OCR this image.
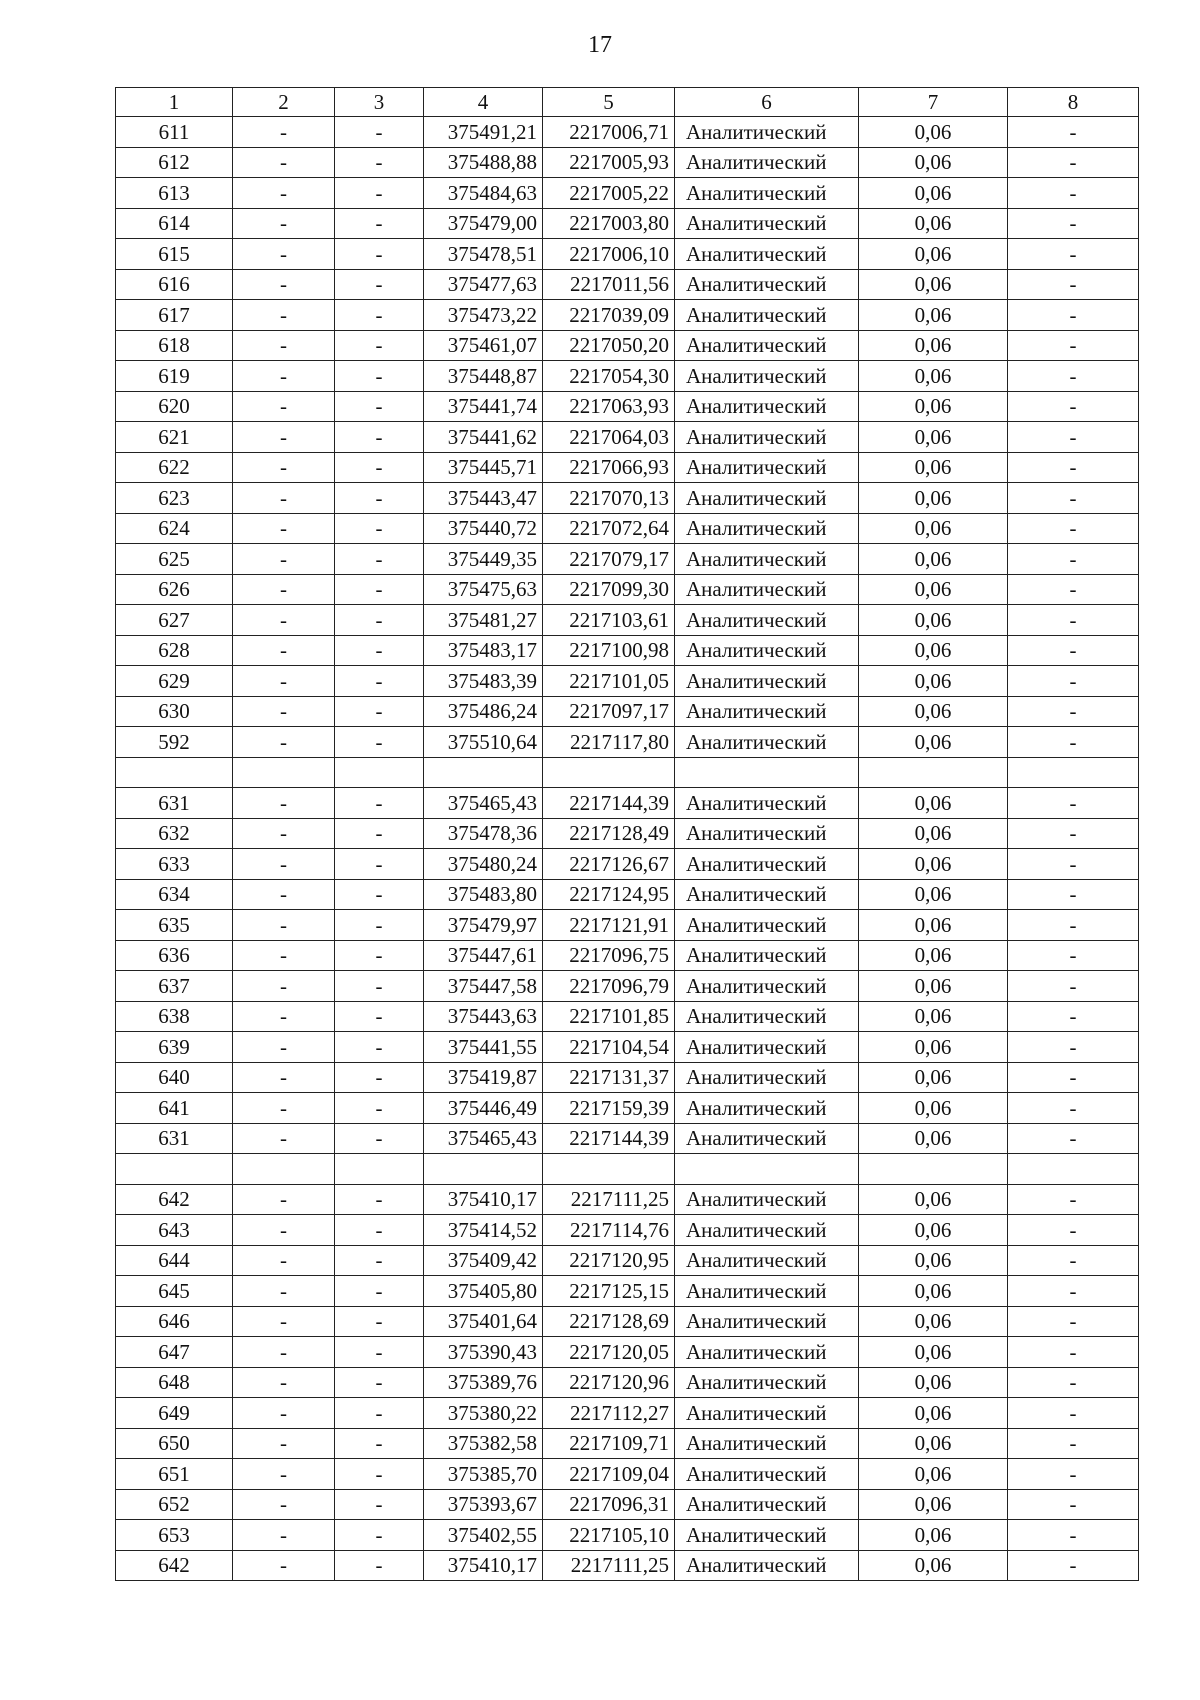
17
1	2	3	4	5	6	7	8
611	-	-	375491,21	2217006,71	Аналитический	0,06	-
612	-	-	375488,88	2217005,93	Аналитический	0,06	-
613	-	-	375484,63	2217005,22	Аналитический	0,06	-
614	-	-	375479,00	2217003,80	Аналитический	0,06	-
615	-	-	375478,51	2217006,10	Аналитический	0,06	-
616	-	-	375477,63	2217011,56	Аналитический	0,06	-
617	-	-	375473,22	2217039,09	Аналитический	0,06	-
618	-	-	375461,07	2217050,20	Аналитический	0,06	-
619	-	-	375448,87	2217054,30	Аналитический	0,06	-
620	-	-	375441,74	2217063,93	Аналитический	0,06	-
621	-	-	375441,62	2217064,03	Аналитический	0,06	-
622	-	-	375445,71	2217066,93	Аналитический	0,06	-
623	-	-	375443,47	2217070,13	Аналитический	0,06	-
624	-	-	375440,72	2217072,64	Аналитический	0,06	-
625	-	-	375449,35	2217079,17	Аналитический	0,06	-
626	-	-	375475,63	2217099,30	Аналитический	0,06	-
627	-	-	375481,27	2217103,61	Аналитический	0,06	-
628	-	-	375483,17	2217100,98	Аналитический	0,06	-
629	-	-	375483,39	2217101,05	Аналитический	0,06	-
630	-	-	375486,24	2217097,17	Аналитический	0,06	-
592	-	-	375510,64	2217117,80	Аналитический	0,06	-

631	-	-	375465,43	2217144,39	Аналитический	0,06	-
632	-	-	375478,36	2217128,49	Аналитический	0,06	-
633	-	-	375480,24	2217126,67	Аналитический	0,06	-
634	-	-	375483,80	2217124,95	Аналитический	0,06	-
635	-	-	375479,97	2217121,91	Аналитический	0,06	-
636	-	-	375447,61	2217096,75	Аналитический	0,06	-
637	-	-	375447,58	2217096,79	Аналитический	0,06	-
638	-	-	375443,63	2217101,85	Аналитический	0,06	-
639	-	-	375441,55	2217104,54	Аналитический	0,06	-
640	-	-	375419,87	2217131,37	Аналитический	0,06	-
641	-	-	375446,49	2217159,39	Аналитический	0,06	-
631	-	-	375465,43	2217144,39	Аналитический	0,06	-

642	-	-	375410,17	2217111,25	Аналитический	0,06	-
643	-	-	375414,52	2217114,76	Аналитический	0,06	-
644	-	-	375409,42	2217120,95	Аналитический	0,06	-
645	-	-	375405,80	2217125,15	Аналитический	0,06	-
646	-	-	375401,64	2217128,69	Аналитический	0,06	-
647	-	-	375390,43	2217120,05	Аналитический	0,06	-
648	-	-	375389,76	2217120,96	Аналитический	0,06	-
649	-	-	375380,22	2217112,27	Аналитический	0,06	-
650	-	-	375382,58	2217109,71	Аналитический	0,06	-
651	-	-	375385,70	2217109,04	Аналитический	0,06	-
652	-	-	375393,67	2217096,31	Аналитический	0,06	-
653	-	-	375402,55	2217105,10	Аналитический	0,06	-
642	-	-	375410,17	2217111,25	Аналитический	0,06	-
